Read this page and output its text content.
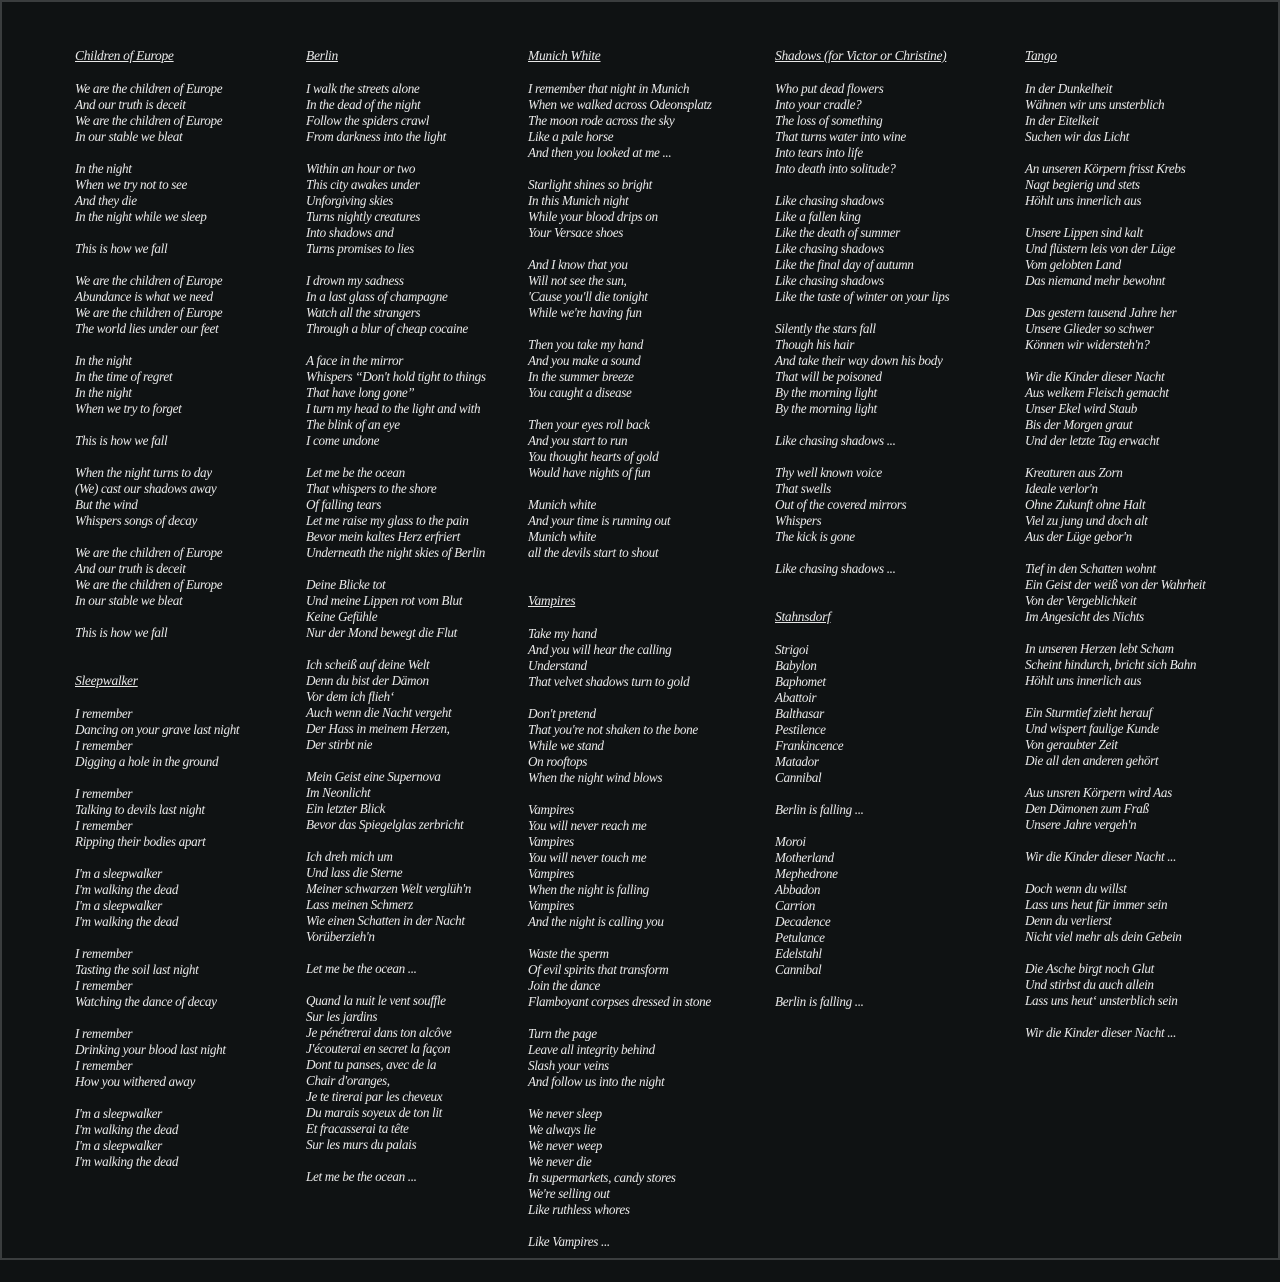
Children of Europe
We are the children of Europe
And our truth is deceit
We are the children of Europe
In our stable we bleat
In the night
When we try not to see
And they die
In the night while we sleep
This is how we fall
We are the children of Europe
Abundance is what we need
We are the children of Europe
The world lies under our feet
In the night
In the time of regret
In the night
When we try to forget
This is how we fall
When the night turns to day
(We) cast our shadows away
But the wind
Whispers songs of decay
We are the children of Europe
And our truth is deceit
We are the children of Europe
In our stable we bleat
This is how we fall
Sleepwalker
I remember
Dancing on your grave last night
I remember
Digging a hole in the ground
I remember
Talking to devils last night
I remember
Ripping their bodies apart
I'm a sleepwalker
I'm walking the dead
I'm a sleepwalker
I'm walking the dead
I remember
Tasting the soil last night
I remember
Watching the dance of decay
I remember
Drinking your blood last night
I remember
How you withered away
I'm a sleepwalker
I'm walking the dead
I'm a sleepwalker
I'm walking the dead
Berlin
I walk the streets alone
In the dead of the night
Follow the spiders crawl
From darkness into the light
Within an hour or two
This city awakes under
Unforgiving skies
Turns nightly creatures
Into shadows and
Turns promises to lies
I drown my sadness
In a last glass of champagne
Watch all the strangers
Through a blur of cheap cocaine
A face in the mirror
Whispers “Don't hold tight to things
That have long gone”
I turn my head to the light and with
The blink of an eye
I come undone
Let me be the ocean
That whispers to the shore
Of falling tears
Let me raise my glass to the pain
Bevor mein kaltes Herz erfriert
Underneath the night skies of Berlin
Deine Blicke tot
Und meine Lippen rot vom Blut
Keine Gefühle
Nur der Mond bewegt die Flut
Ich scheiß auf deine Welt
Denn du bist der Dämon
Vor dem ich flieh‘
Auch wenn die Nacht vergeht
Der Hass in meinem Herzen,
Der stirbt nie
Mein Geist eine Supernova
Im Neonlicht
Ein letzter Blick
Bevor das Spiegelglas zerbricht
Ich dreh mich um
Und lass die Sterne
Meiner schwarzen Welt verglüh'n
Lass meinen Schmerz
Wie einen Schatten in der Nacht
Vorüberzieh'n
Let me be the ocean ...
Quand la nuit le vent souffle
Sur les jardins
Je pénétrerai dans ton alcôve
J'écouterai en secret la façon
Dont tu panses, avec de la
Chair d'oranges,
Je te tirerai par les cheveux
Du marais soyeux de ton lit
Et fracasserai ta tête
Sur les murs du palais
Let me be the ocean ...
Munich White
I remember that night in Munich
When we walked across Odeonsplatz
The moon rode across the sky
Like a pale horse
And then you looked at me ...
Starlight shines so bright
In this Munich night
While your blood drips on
Your Versace shoes
And I know that you
Will not see the sun,
'Cause you'll die tonight
While we're having fun
Then you take my hand
And you make a sound
In the summer breeze
You caught a disease
Then your eyes roll back
And you start to run
You thought hearts of gold
Would have nights of fun
Munich white
And your time is running out
Munich white
all the devils start to shout
Vampires
Take my hand
And you will hear the calling
Understand
That velvet shadows turn to gold
Don't pretend
That you're not shaken to the bone
While we stand
On rooftops
When the night wind blows
Vampires
You will never reach me
Vampires
You will never touch me
Vampires
When the night is falling
Vampires
And the night is calling you
Waste the sperm
Of evil spirits that transform
Join the dance
Flamboyant corpses dressed in stone
Turn the page
Leave all integrity behind
Slash your veins
And follow us into the night
We never sleep
We always lie
We never weep
We never die
In supermarkets, candy stores
We're selling out
Like ruthless whores
Like Vampires ...
Shadows (for Victor or Christine)
Who put dead flowers
Into your cradle?
The loss of something
That turns water into wine
Into tears into life
Into death into solitude?
Like chasing shadows
Like a fallen king
Like the death of summer
Like chasing shadows
Like the final day of autumn
Like chasing shadows
Like the taste of winter on your lips
Silently the stars fall
Though his hair
And take their way down his body
That will be poisoned
By the morning light
By the morning light
Like chasing shadows ...
Thy well known voice
That swells
Out of the covered mirrors
Whispers
The kick is gone
Like chasing shadows ...
Stahnsdorf
Strigoi
Babylon
Baphomet
Abattoir
Balthasar
Pestilence
Frankincence
Matador
Cannibal
Berlin is falling ...
Moroi
Motherland
Mephedrone
Abbadon
Carrion
Decadence
Petulance
Edelstahl
Cannibal
Berlin is falling ...
Tango
In der Dunkelheit
Wähnen wir uns unsterblich
In der Eitelkeit
Suchen wir das Licht
An unseren Körpern frisst Krebs
Nagt begierig und stets
Höhlt uns innerlich aus
Unsere Lippen sind kalt
Und flüstern leis von der Lüge
Vom gelobten Land
Das niemand mehr bewohnt
Das gestern tausend Jahre her
Unsere Glieder so schwer
Können wir widersteh'n?
Wir die Kinder dieser Nacht
Aus welkem Fleisch gemacht
Unser Ekel wird Staub
Bis der Morgen graut
Und der letzte Tag erwacht
Kreaturen aus Zorn
Ideale verlor'n
Ohne Zukunft ohne Halt
Viel zu jung und doch alt
Aus der Lüge gebor'n
Tief in den Schatten wohnt
Ein Geist der weiß von der Wahrheit
Von der Vergeblichkeit
Im Angesicht des Nichts
In unseren Herzen lebt Scham
Scheint hindurch, bricht sich Bahn
Höhlt uns innerlich aus
Ein Sturmtief zieht herauf
Und wispert faulige Kunde
Von geraubter Zeit
Die all den anderen gehört
Aus unsren Körpern wird Aas
Den Dämonen zum Fraß
Unsere Jahre vergeh'n
Wir die Kinder dieser Nacht ...
Doch wenn du willst
Lass uns heut für immer sein
Denn du verlierst
Nicht viel mehr als dein Gebein
Die Asche birgt noch Glut
Und stirbst du auch allein
Lass uns heut‘ unsterblich sein
Wir die Kinder dieser Nacht ...
